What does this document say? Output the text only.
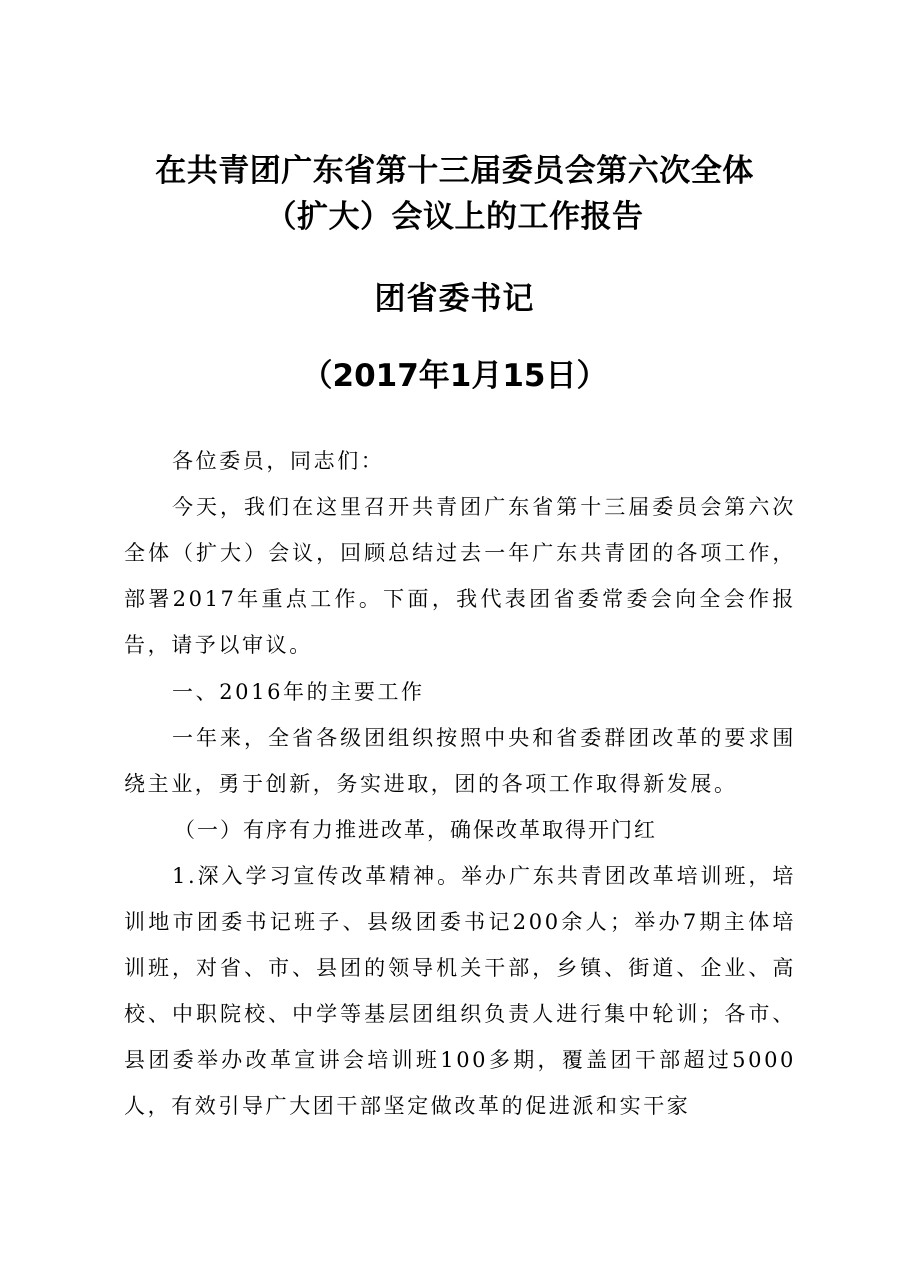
在共青团广东省第十三届委员会第六次全体
（扩大）会议上的工作报告
团省委书记
（2017年1月15日）

各位委员，同志们：

今天，我们在这里召开共青团广东省第十三届委员会第六次全体（扩大）会议，回顾总结过去一年广东共青团的各项工作，部署2017年重点工作。下面，我代表团省委常委会向全会作报告，请予以审议。

一、2016年的主要工作

一年来，全省各级团组织按照中央和省委群团改革的要求围绕主业，勇于创新，务实进取，团的各项工作取得新发展。

（一）有序有力推进改革，确保改革取得开门红

1.深入学习宣传改革精神。举办广东共青团改革培训班，培训地市团委书记班子、县级团委书记200余人；举办7期主体培训班，对省、市、县团的领导机关干部，乡镇、街道、企业、高校、中职院校、中学等基层团组织负责人进行集中轮训；各市、县团委举办改革宣讲会培训班100多期，覆盖团干部超过5000人，有效引导广大团干部坚定做改革的促进派和实干家
